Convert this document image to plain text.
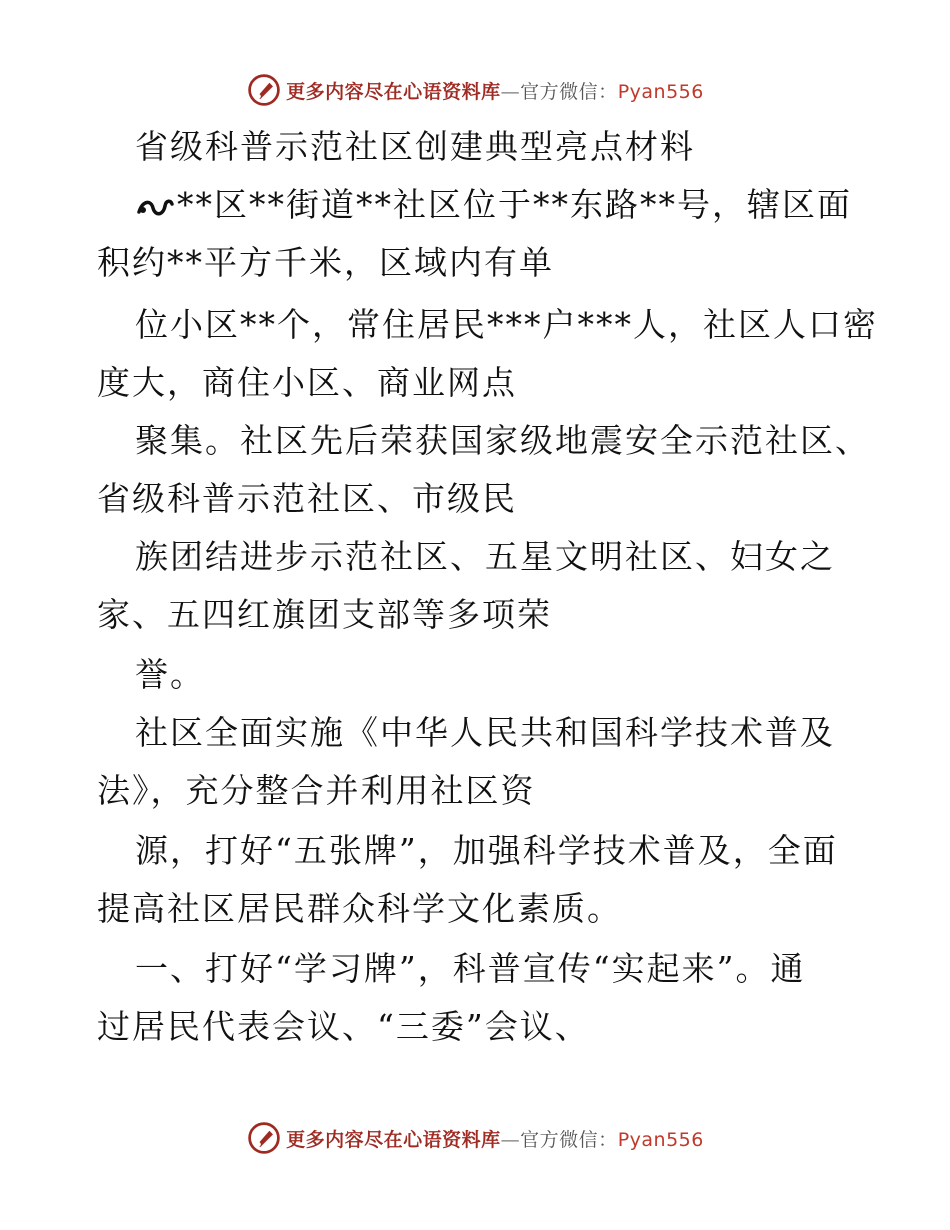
更多内容尽在心语资料库—官方微信：Pyan556
省级科普示范社区创建典型亮点材料
**区**街道**社区位于**东路**号，辖区面
积约**平方千米，区域内有单
位小区**个，常住居民***户***人，社区人口密
度大，商住小区、商业网点
聚集。社区先后荣获国家级地震安全示范社区、
省级科普示范社区、市级民
族团结进步示范社区、五星文明社区、妇女之
家、五四红旗团支部等多项荣
誉。
社区全面实施《中华人民共和国科学技术普及
法》，充分整合并利用社区资
源，打好“五张牌”，加强科学技术普及，全面
提高社区居民群众科学文化素质。
一、打好“学习牌”，科普宣传“实起来”。通
过居民代表会议、“三委”会议、
更多内容尽在心语资料库—官方微信：Pyan556
